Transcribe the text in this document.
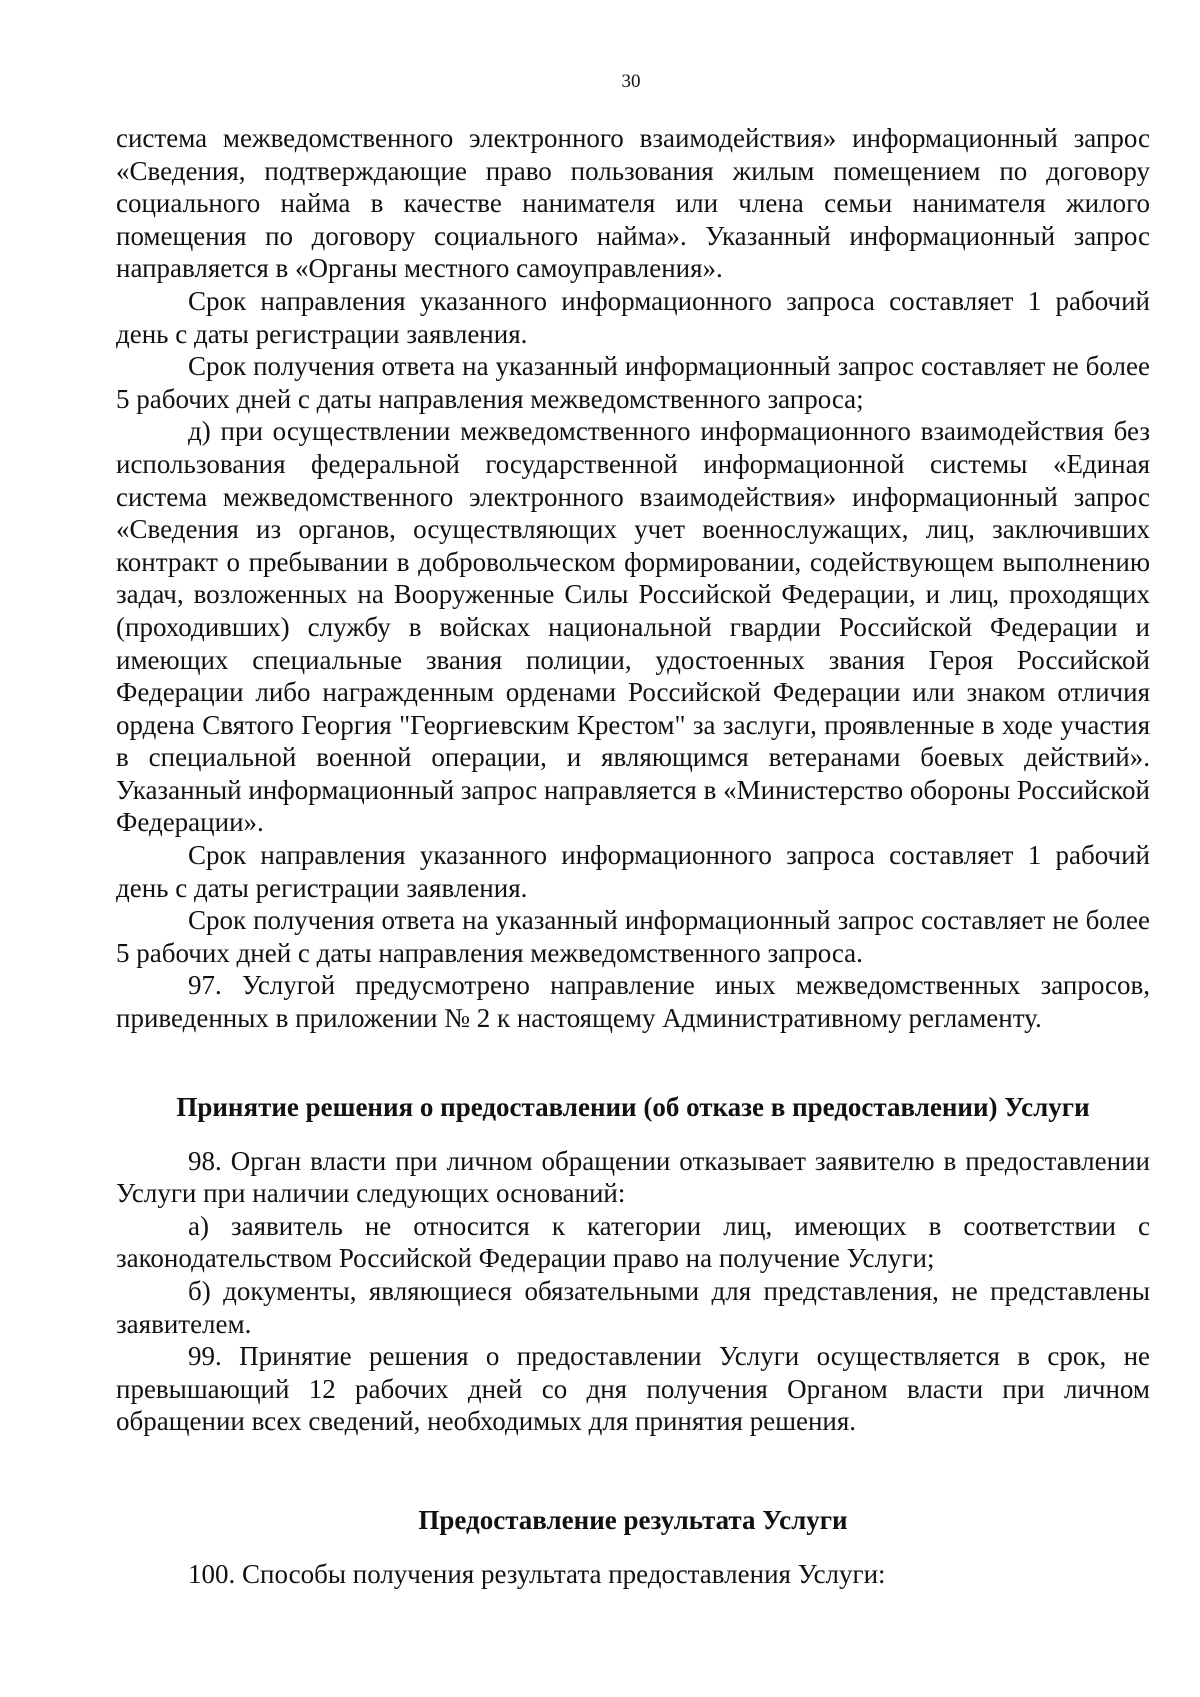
30

система межведомственного электронного взаимодействия» информационный запрос «Сведения, подтверждающие право пользования жилым помещением по договору социального найма в качестве нанимателя или члена семьи нанимателя жилого помещения по договору социального найма». Указанный информационный запрос направляется в «Органы местного самоуправления».

Срок направления указанного информационного запроса составляет 1 рабочий день с даты регистрации заявления.

Срок получения ответа на указанный информационный запрос составляет не более 5 рабочих дней с даты направления межведомственного запроса;

д) при осуществлении межведомственного информационного взаимодействия без использования федеральной государственной информационной системы «Единая система межведомственного электронного взаимодействия» информационный запрос «Сведения из органов, осуществляющих учет военнослужащих, лиц, заключивших контракт о пребывании в добровольческом формировании, содействующем выполнению задач, возложенных на Вооруженные Силы Российской Федерации, и лиц, проходящих (проходивших) службу в войсках национальной гвардии Российской Федерации и имеющих специальные звания полиции, удостоенных звания Героя Российской Федерации либо награжденным орденами Российской Федерации или знаком отличия ордена Святого Георгия "Георгиевским Крестом" за заслуги, проявленные в ходе участия в специальной военной операции, и являющимся ветеранами боевых действий». Указанный информационный запрос направляется в «Министерство обороны Российской Федерации».

Срок направления указанного информационного запроса составляет 1 рабочий день с даты регистрации заявления.

Срок получения ответа на указанный информационный запрос составляет не более 5 рабочих дней с даты направления межведомственного запроса.

97. Услугой предусмотрено направление иных межведомственных запросов, приведенных в приложении № 2 к настоящему Административному регламенту.

Принятие решения о предоставлении (об отказе в предоставлении) Услуги

98. Орган власти при личном обращении отказывает заявителю в предоставлении Услуги при наличии следующих оснований:

а) заявитель не относится к категории лиц, имеющих в соответствии с законодательством Российской Федерации право на получение Услуги;

б) документы, являющиеся обязательными для представления, не представлены заявителем.

99. Принятие решения о предоставлении Услуги осуществляется в срок, не превышающий 12 рабочих дней со дня получения Органом власти при личном обращении всех сведений, необходимых для принятия решения.

Предоставление результата Услуги

100. Способы получения результата предоставления Услуги:
